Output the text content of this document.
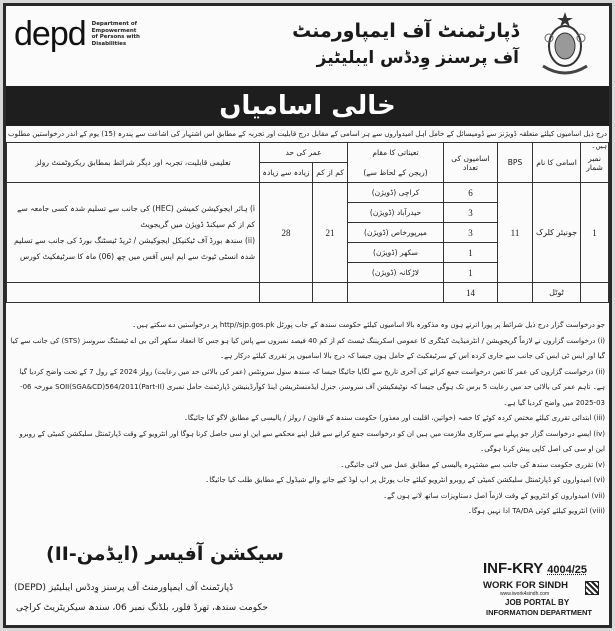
depd Department of Empowerment of Persons with Disabilities
ڈپارٹمنٹ آف ایمپاورمنٹ
آف پرسنز وِدڈس ایبلیٹیز
خالی اسامیاں
درج ذیل اسامیوں کیلئے متعلقہ ڈویژنز سے ڈومیسائل کے حامل اہل امیدواروں سے ہر اسامی کے مقابل درج قابلیت اور تجربہ کے مطابق اس اشتہار کی اشاعت سے پندرہ (15) یوم کے اندر درخواستیں مطلوب ہیں۔
نمبر شمار	اسامی کا نام	BPS	اسامیوں کی تعداد	تعیناتی کا مقام	عمر کی حد		تعلیمی قابلیت، تجربہ اور دیگر شرائط بمطابق ریکروٹمنٹ رولز
				(ریجن کے لحاظ سے)	کم از کم	زیادہ سے زیادہ	
1	جونیئر کلرک	11	6	کراچی (ڈویژن)	21	28	i) ہائر ایجوکیشن کمیشن (HEC) کی جانب سے تسلیم شدہ کسی جامعہ سے کم از کم سیکنڈ ڈویژن میں گریجویٹ
(ii) سندھ بورڈ آف ٹیکنیکل ایجوکیشن / ٹریڈ ٹیسٹنگ بورڈ کی جانب سے تسلیم شدہ انسٹی ٹیوٹ سے ایم ایس آفس میں چھ (06) ماہ کا سرٹیفکیٹ کورس

			3	حیدرآباد (ڈویژن)			
			3	میرپورخاص (ڈویژن)			
			1	سکھر (ڈویژن)			
			1	لاڑکانہ (ڈویژن)			
	ٹوٹل		14				

جو درخواست گزار درج ذیل شرائط پر پورا اترتے ہوں وہ مذکورہ بالا اسامیوں کیلئے حکومت سندھ کے جاب پورٹل http//sjp.gos.pk پر درخواستیں دے سکتے ہیں۔

(i) درخواست گزاروں نے لازماً گریجویشن / انٹرمیڈیٹ کیٹگری کا عمومی اسکریننگ ٹیسٹ کم از کم 40 فیصد نمبروں سے پاس کیا ہو جس کا انعقاد سکھر آئی بی اے ٹیسٹنگ سروسز (STS) کی جانب سے کیا گیا اور ایس ٹی ایس کی جانب سے جاری کردہ اس کے سرٹیفکیٹ کے حامل ہوں جیسا کہ درج بالا اسامیوں پر تقرری کیلئے درکار ہے۔

(ii) درخواست گزاروں کی عمر کا تعین درخواست جمع کرانے کی آخری تاریخ سے لگایا جائیگا جیسا کہ سندھ سول سرونٹس (عمر کی بالائی حد میں رعایت) رولز 2024 کے رول 7 کے تحت واضح کردیا گیا ہے۔ تاہم عمر کی بالائی حد میں رعایت 5 برس تک ہوگی جیسا کہ نوٹیفکیشن آف سروسز، جنرل ایڈمنسٹریشن اینڈ کوآرڈینیشن ڈپارٹمنٹ حامل نمبری SOII(SGA&CD)564/2011(Part-II) مورخہ 06-03-2025 میں واضح کردیا گیا ہے۔

(iii) ابتدائی تقرری کیلئے مختص کردہ کوٹے کا حصہ (خواتین، اقلیت اور معذور) حکومت سندھ کے قانون / رولز / پالیسی کے مطابق لاگو کیا جائیگا۔

(iv) ایسے درخواست گزار جو پہلے سے سرکاری ملازمت میں ہیں ان کو درخواست جمع کرانے سے قبل اپنے محکمے سے این او سی حاصل کرنا ہوگا اور انٹرویو کے وقت ڈپارٹمنٹل سلیکشن کمیٹی کے روبرو این او سی کی اصل کاپی پیش کرنا ہوگی۔

(v) تقرری حکومت سندھ کی جانب سے مشتہرہ پالیسی کے مطابق عمل میں لائی جائیگی۔

(vi) امیدواروں کو ڈپارٹمنٹل سلیکشن کمیٹی کے روبرو انٹرویو کیلئے جاب پورٹل پر اپ لوڈ کیے جانے والے شیڈول کے مطابق طلب کیا جائیگا۔

(vii) امیدواروں کو انٹرویو کے وقت لازماً اصل دستاویزات ساتھ لانے ہوں گے۔

(viii) انٹرویو کیلئے کوئی TA/DA ادا نہیں ہوگا۔

سیکشن آفیسر (ایڈمن-II)
ڈپارٹمنٹ آف ایمپاورمنٹ آف پرسنز وِدڈس ایبلیٹیز (DEPD)
حکومت سندھ، تھرڈ فلور، بلڈنگ نمبر 06، سندھ سیکریٹریٹ کراچی
INF-KRY 4004/25
WORK FOR SINDH
www.iwork4sindh.com
JOB PORTAL BY
INFORMATION DEPARTMENT
